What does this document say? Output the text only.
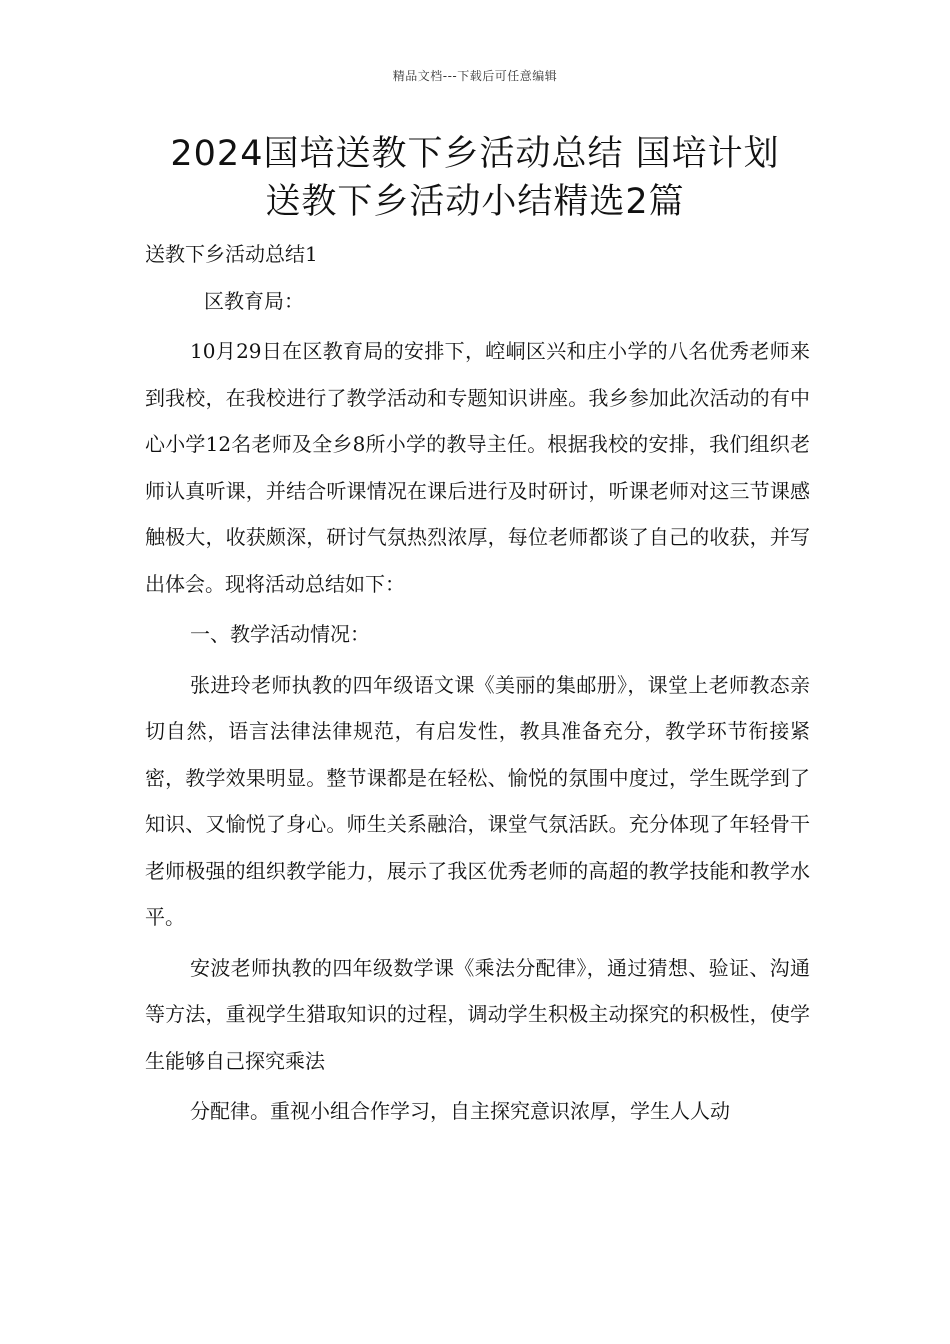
精品文档---下载后可任意编辑
2024国培送教下乡活动总结 国培计划
送教下乡活动小结精选2篇

送教下乡活动总结1

区教育局：

10月29日在区教育局的安排下，崆峒区兴和庄小学的八名优秀老师来到我校，在我校进行了教学活动和专题知识讲座。我乡参加此次活动的有中心小学12名老师及全乡8所小学的教导主任。根据我校的安排，我们组织老师认真听课，并结合听课情况在课后进行及时研讨，听课老师对这三节课感触极大，收获颇深，研讨气氛热烈浓厚，每位老师都谈了自己的收获，并写出体会。现将活动总结如下：

一、教学活动情况：

张进玲老师执教的四年级语文课《美丽的集邮册》，课堂上老师教态亲切自然，语言法律法律规范，有启发性，教具准备充分，教学环节衔接紧密，教学效果明显。整节课都是在轻松、愉悦的氛围中度过，学生既学到了知识、又愉悦了身心。师生关系融洽，课堂气氛活跃。充分体现了年轻骨干老师极强的组织教学能力，展示了我区优秀老师的高超的教学技能和教学水平。

安波老师执教的四年级数学课《乘法分配律》，通过猜想、验证、沟通等方法，重视学生猎取知识的过程，调动学生积极主动探究的积极性，使学生能够自己探究乘法

分配律。重视小组合作学习，自主探究意识浓厚，学生人人动
